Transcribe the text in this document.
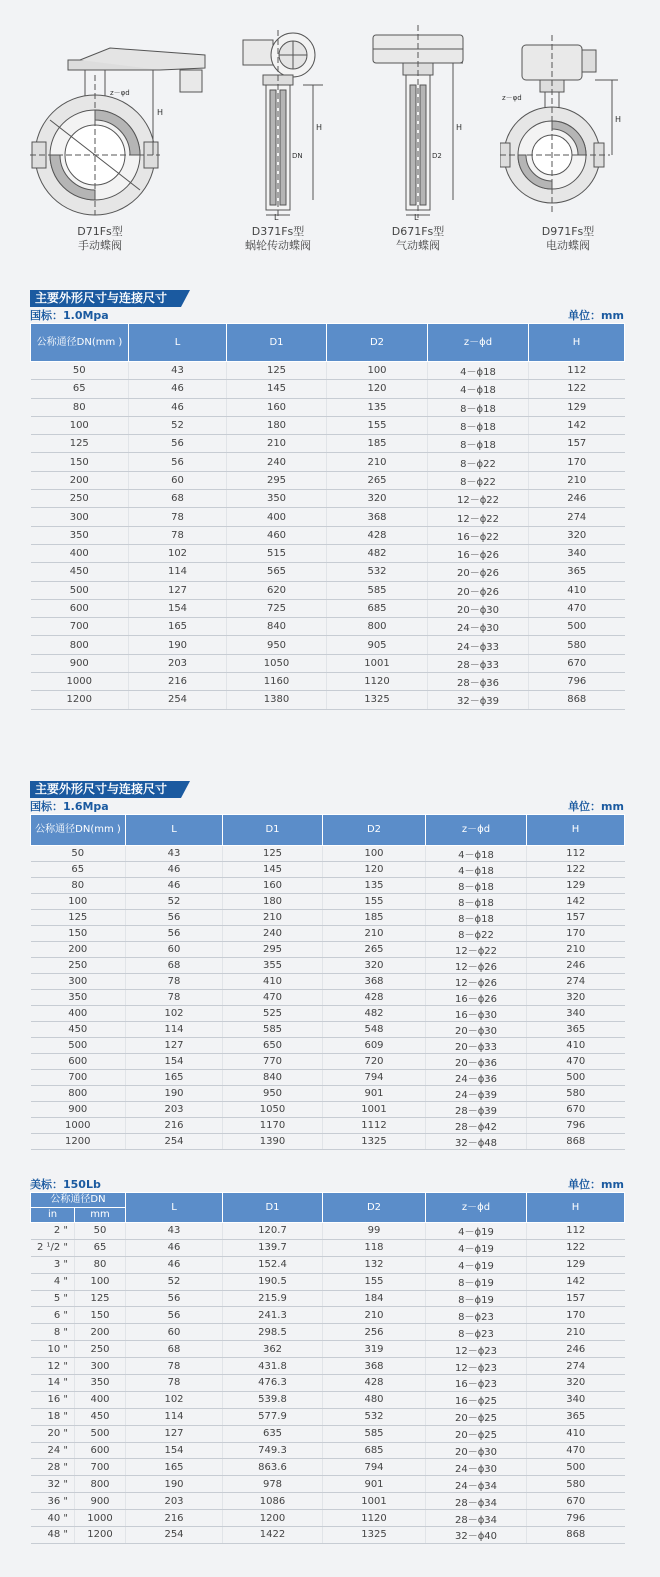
H
z－φd
H
DN
L
H
D2
L
H
z－φd
D71Fs型
手动蝶阀
D371Fs型
蜗轮传动蝶阀
D671Fs型
气动蝶阀
D971Fs型
电动蝶阀
主要外形尺寸与连接尺寸
国标：1.0Mpa	单位：mm
公称通径DN(mm )	L	D1	D2	z－ϕd	H
50	43	125	100	4－ϕ18	112
65	46	145	120	4－ϕ18	122
80	46	160	135	8－ϕ18	129
100	52	180	155	8－ϕ18	142
125	56	210	185	8－ϕ18	157
150	56	240	210	8－ϕ22	170
200	60	295	265	8－ϕ22	210
250	68	350	320	12－ϕ22	246
300	78	400	368	12－ϕ22	274
350	78	460	428	16－ϕ22	320
400	102	515	482	16－ϕ26	340
450	114	565	532	20－ϕ26	365
500	127	620	585	20－ϕ26	410
600	154	725	685	20－ϕ30	470
700	165	840	800	24－ϕ30	500
800	190	950	905	24－ϕ33	580
900	203	1050	1001	28－ϕ33	670
1000	216	1160	1120	28－ϕ36	796
1200	254	1380	1325	32－ϕ39	868
主要外形尺寸与连接尺寸
国标：1.6Mpa	单位：mm
公称通径DN(mm )	L	D1	D2	z－ϕd	H
50	43	125	100	4－ϕ18	112
65	46	145	120	4－ϕ18	122
80	46	160	135	8－ϕ18	129
100	52	180	155	8－ϕ18	142
125	56	210	185	8－ϕ18	157
150	56	240	210	8－ϕ22	170
200	60	295	265	12－ϕ22	210
250	68	355	320	12－ϕ26	246
300	78	410	368	12－ϕ26	274
350	78	470	428	16－ϕ26	320
400	102	525	482	16－ϕ30	340
450	114	585	548	20－ϕ30	365
500	127	650	609	20－ϕ33	410
600	154	770	720	20－ϕ36	470
700	165	840	794	24－ϕ36	500
800	190	950	901	24－ϕ39	580
900	203	1050	1001	28－ϕ39	670
1000	216	1170	1112	28－ϕ42	796
1200	254	1390	1325	32－ϕ48	868
美标：150Lb	单位：mm
公称通径DN		L	D1	D2	z－ϕd	H
in	mm					
2 "	50	43	120.7	99	4－ϕ19	112
2 ¹/2 "	65	46	139.7	118	4－ϕ19	122
3 "	80	46	152.4	132	4－ϕ19	129
4 "	100	52	190.5	155	8－ϕ19	142
5 "	125	56	215.9	184	8－ϕ19	157
6 "	150	56	241.3	210	8－ϕ23	170
8 "	200	60	298.5	256	8－ϕ23	210
10 "	250	68	362	319	12－ϕ23	246
12 "	300	78	431.8	368	12－ϕ23	274
14 "	350	78	476.3	428	16－ϕ23	320
16 "	400	102	539.8	480	16－ϕ25	340
18 "	450	114	577.9	532	20－ϕ25	365
20 "	500	127	635	585	20－ϕ25	410
24 "	600	154	749.3	685	20－ϕ30	470
28 "	700	165	863.6	794	24－ϕ30	500
32 "	800	190	978	901	24－ϕ34	580
36 "	900	203	1086	1001	28－ϕ34	670
40 "	1000	216	1200	1120	28－ϕ34	796
48 "	1200	254	1422	1325	32－ϕ40	868
